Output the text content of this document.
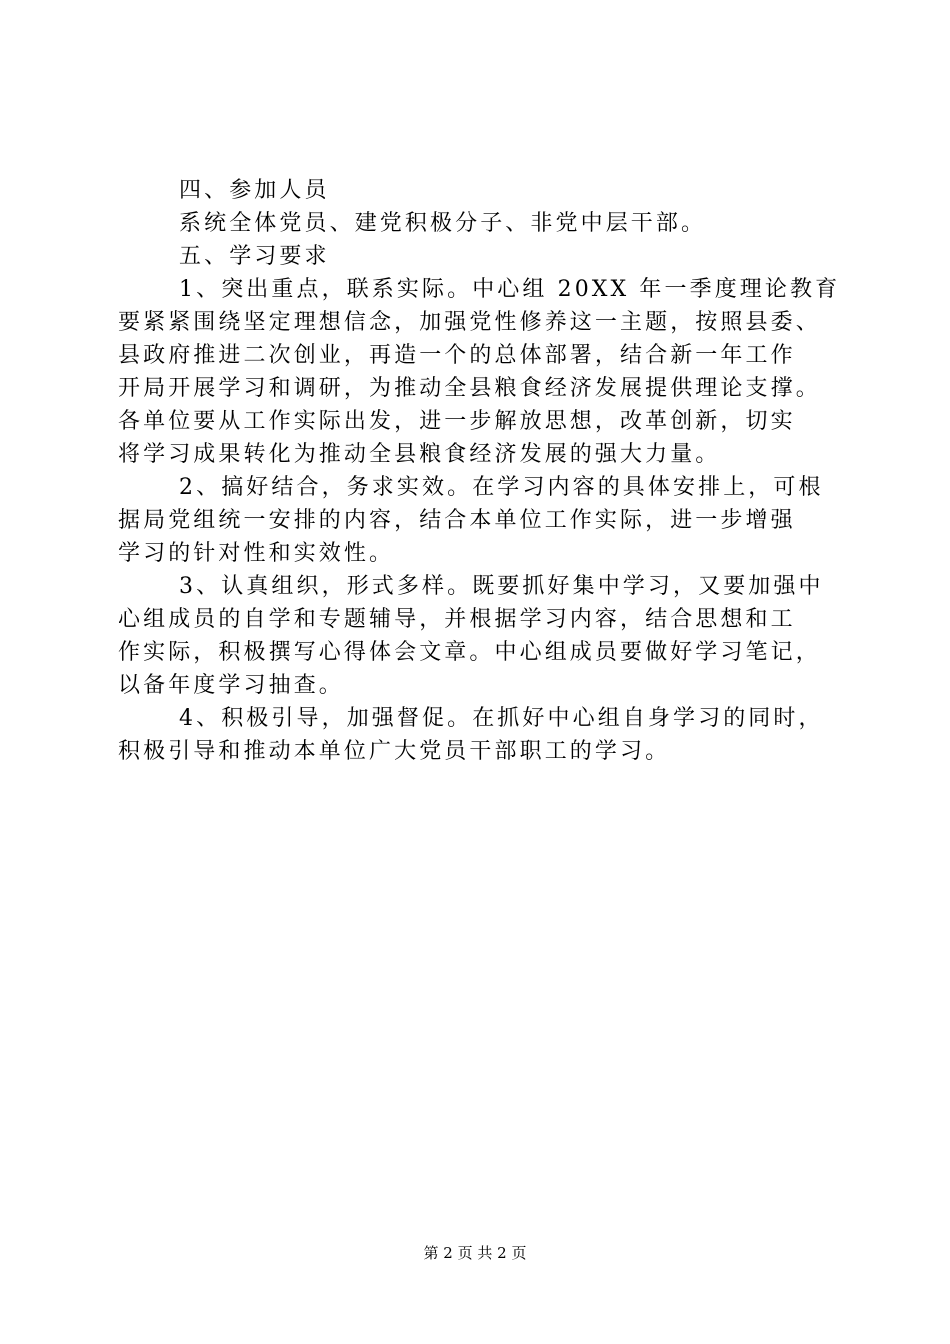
四、参加人员
系统全体党员、建党积极分子、非党中层干部。
五、学习要求
1、突出重点，联系实际。中心组 20XX 年一季度理论教育
要紧紧围绕坚定理想信念，加强党性修养这一主题，按照县委、
县政府推进二次创业，再造一个的总体部署，结合新一年工作
开局开展学习和调研，为推动全县粮食经济发展提供理论支撑。
各单位要从工作实际出发，进一步解放思想，改革创新，切实
将学习成果转化为推动全县粮食经济发展的强大力量。
2、搞好结合，务求实效。在学习内容的具体安排上，可根
据局党组统一安排的内容，结合本单位工作实际，进一步增强
学习的针对性和实效性。
3、认真组织，形式多样。既要抓好集中学习，又要加强中
心组成员的自学和专题辅导，并根据学习内容，结合思想和工
作实际，积极撰写心得体会文章。中心组成员要做好学习笔记，
以备年度学习抽查。
4、积极引导，加强督促。在抓好中心组自身学习的同时，
积极引导和推动本单位广大党员干部职工的学习。
第 2 页 共 2 页
